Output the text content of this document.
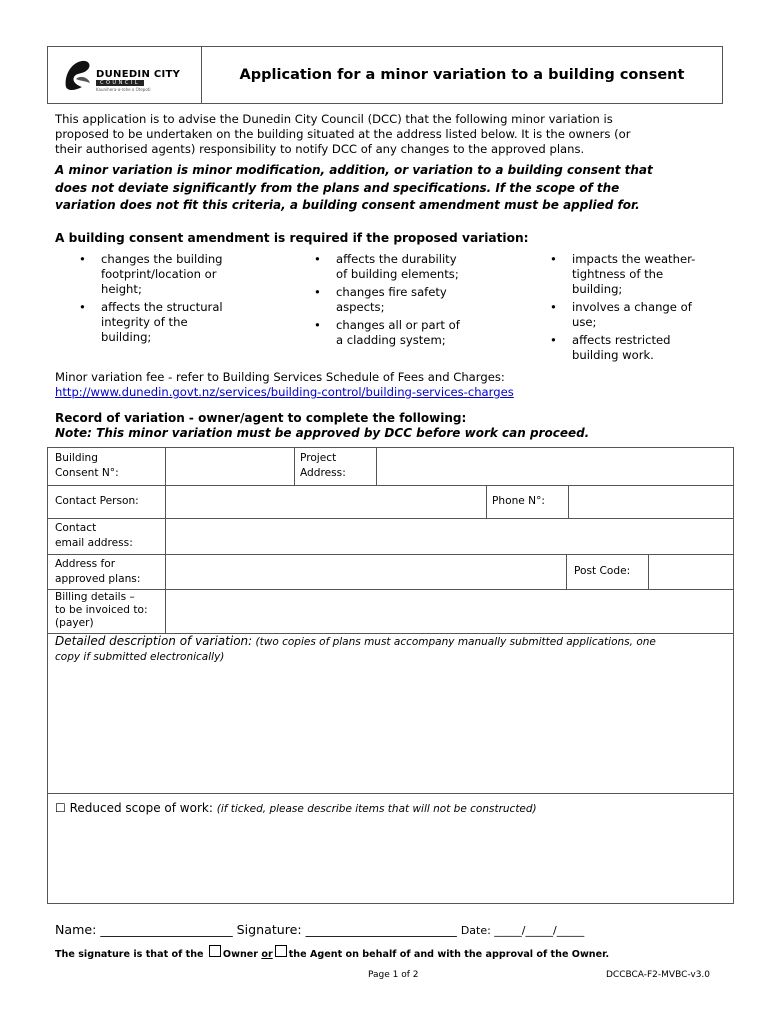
DUNEDIN CITY
COUNCIL
Kaunihera-a-rohe o Otepoti
Application for a minor variation to a building consent
This application is to advise the Dunedin City Council (DCC) that the following minor variation is
proposed to be undertaken on the building situated at the address listed below. It is the owners (or
their authorised agents) responsibility to notify DCC of any changes to the approved plans.
A minor variation is minor modification, addition, or variation to a building consent that
does not deviate significantly from the plans and specifications. If the scope of the
variation does not fit this criteria, a building consent amendment must be applied for.
A building consent amendment is required if the proposed variation:
• changes the building
footprint/location or
height;
• affects the structural
integrity of the
building;
• affects the durability
of building elements;
• changes fire safety
aspects;
• changes all or part of
a cladding system;
• impacts the weather-
tightness of the
building;
• involves a change of
use;
• affects restricted
building work.
Minor variation fee - refer to Building Services Schedule of Fees and Charges:
http://www.dunedin.govt.nz/services/building-control/building-services-charges
Record of variation - owner/agent to complete the following:
Note: This minor variation must be approved by DCC before work can proceed.
Building
Consent N°:
Project
Address:
Contact Person:	Phone N°:
Contact
email address:
Address for
approved plans:
Post Code:
Billing details –
to be invoiced to:
(payer)
Detailed description of variation: (two copies of plans must accompany manually submitted applications, one
copy if submitted electronically)
☐ Reduced scope of work: (if ticked, please describe items that will not be constructed)
Name: _____________________ Signature: ________________________ Date: _____/_____/_____
The signature is that of the Owner or the Agent on behalf of and with the approval of the Owner.
Page 1 of 2	DCCBCA-F2-MVBC-v3.0
